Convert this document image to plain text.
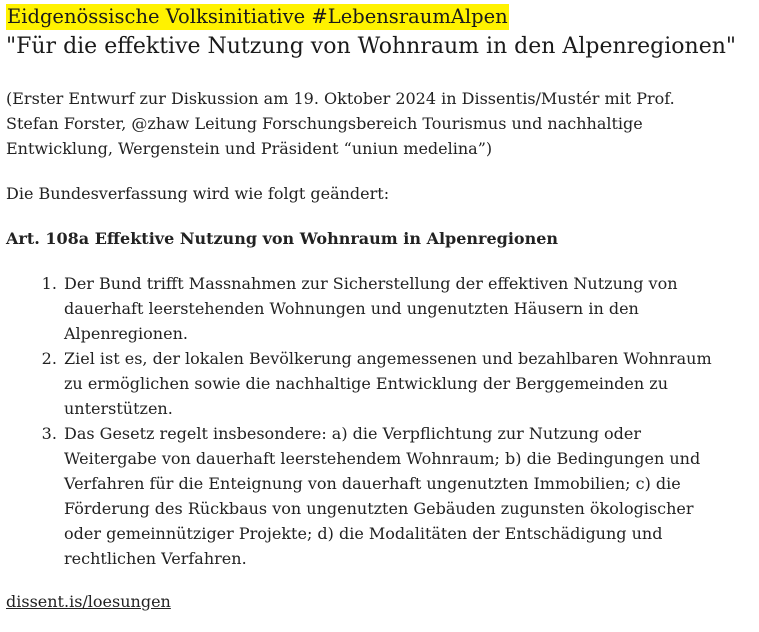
Eidgenössische Volksinitiative #LebensraumAlpen
"Für die effektive Nutzung von Wohnraum in den Alpenregionen"

(Erster Entwurf zur Diskussion am 19. Oktober 2024 in Dissentis/Mustér mit Prof.
Stefan Forster, @zhaw Leitung Forschungsbereich Tourismus und nachhaltige
Entwicklung, Wergenstein und Präsident “uniun medelina”)

Die Bundesverfassung wird wie folgt geändert:

Art. 108a Effektive Nutzung von Wohnraum in Alpenregionen

1. Der Bund trifft Massnahmen zur Sicherstellung der effektiven Nutzung von
dauerhaft leerstehenden Wohnungen und ungenutzten Häusern in den
Alpenregionen.
2. Ziel ist es, der lokalen Bevölkerung angemessenen und bezahlbaren Wohnraum
zu ermöglichen sowie die nachhaltige Entwicklung der Berggemeinden zu
unterstützen.
3. Das Gesetz regelt insbesondere: a) die Verpflichtung zur Nutzung oder
Weitergabe von dauerhaft leerstehendem Wohnraum; b) die Bedingungen und
Verfahren für die Enteignung von dauerhaft ungenutzten Immobilien; c) die
Förderung des Rückbaus von ungenutzten Gebäuden zugunsten ökologischer
oder gemeinnütziger Projekte; d) die Modalitäten der Entschädigung und
rechtlichen Verfahren.
dissent.is/loesungen
